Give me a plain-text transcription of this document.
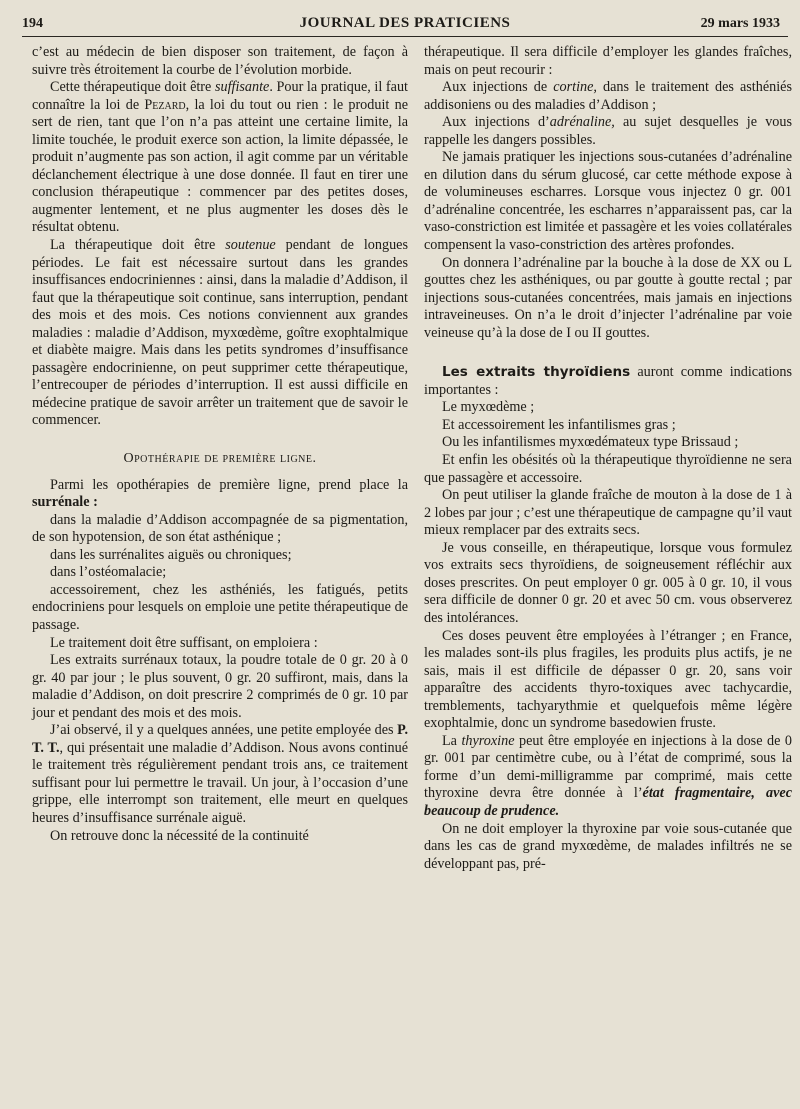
194	JOURNAL DES PRATICIENS	29 mars 1933

c’est au médecin de bien disposer son traitement, de façon à suivre très étroitement la courbe de l’évolution morbide.

Cette thérapeutique doit être suffisante. Pour la pratique, il faut connaître la loi de Pezard, la loi du tout ou rien : le produit ne sert de rien, tant que l’on n’a pas atteint une certaine limite, la limite touchée, le produit exerce son action, la limite dépassée, le produit n’augmente pas son action, il agit comme par un véritable déclanchement électrique à une dose donnée. Il faut en tirer une conclusion thérapeutique : commencer par des petites doses, augmenter lentement, et ne plus augmenter les doses dès le résultat obtenu.

La thérapeutique doit être soutenue pendant de longues périodes. Le fait est nécessaire surtout dans les grandes insuffisances endocriniennes : ainsi, dans la maladie d’Addison, il faut que la thérapeutique soit continue, sans interruption, pendant des mois et des mois. Ces notions conviennent aux grandes maladies : maladie d’Addison, myxœdème, goître exophtalmique et diabète maigre. Mais dans les petits syndromes d’insuffisance passagère endocrinienne, on peut supprimer cette thérapeutique, l’entrecouper de périodes d’interruption. Il est aussi difficile en médecine pratique de savoir arrêter un traitement que de savoir le commencer.

Opothérapie de première ligne.

Parmi les opothérapies de première ligne, prend place la surrénale :

dans la maladie d’Addison accompagnée de sa pigmentation, de son hypotension, de son état asthénique ;

dans les surrénalites aiguës ou chroniques;

dans l’ostéomalacie;

accessoirement, chez les asthéniés, les fatigués, petits endocriniens pour lesquels on emploie une petite thérapeutique de passage.

Le traitement doit être suffisant, on emploiera :

Les extraits surrénaux totaux, la poudre totale de 0 gr. 20 à 0 gr. 40 par jour ; le plus souvent, 0 gr. 20 suffiront, mais, dans la maladie d’Addison, on doit prescrire 2 comprimés de 0 gr. 10 par jour et pendant des mois et des mois.

J’ai observé, il y a quelques années, une petite employée des P. T. T., qui présentait une maladie d’Addison. Nous avons continué le traitement très régulièrement pendant trois ans, ce traitement suffisant pour lui permettre le travail. Un jour, à l’occasion d’une grippe, elle interrompt son traitement, elle meurt en quelques heures d’insuffisance surrénale aiguë.

On retrouve donc la nécessité de la continuité

thérapeutique. Il sera difficile d’employer les glandes fraîches, mais on peut recourir :

Aux injections de cortine, dans le traitement des asthéniés addisoniens ou des maladies d’Addison ;

Aux injections d’adrénaline, au sujet desquelles je vous rappelle les dangers possibles.

Ne jamais pratiquer les injections sous-cutanées d’adrénaline en dilution dans du sérum glucosé, car cette méthode expose à de volumineuses escharres. Lorsque vous injectez 0 gr. 001 d’adrénaline concentrée, les escharres n’apparaissent pas, car la vaso-constriction est limitée et passagère et les voies collatérales compensent la vaso-constriction des artères profondes.

On donnera l’adrénaline par la bouche à la dose de XX ou L gouttes chez les asthéniques, ou par goutte à goutte rectal ; par injections sous-cutanées concentrées, mais jamais en injections intraveineuses. On n’a le droit d’injecter l’adrénaline par voie veineuse qu’à la dose de I ou II gouttes.

Les extraits thyroïdiens auront comme indications importantes :

Le myxœdème ;

Et accessoirement les infantilismes gras ;

Ou les infantilismes myxœdémateux type Brissaud ;

Et enfin les obésités où la thérapeutique thyroïdienne ne sera que passagère et accessoire.

On peut utiliser la glande fraîche de mouton à la dose de 1 à 2 lobes par jour ; c’est une thérapeutique de campagne qu’il vaut mieux remplacer par des extraits secs.

Je vous conseille, en thérapeutique, lorsque vous formulez vos extraits secs thyroïdiens, de soigneusement réfléchir aux doses prescrites. On peut employer 0 gr. 005 à 0 gr. 10, il vous sera difficile de donner 0 gr. 20 et avec 50 cm. vous observerez des intolérances.

Ces doses peuvent être employées à l’étranger ; en France, les malades sont-ils plus fragiles, les produits plus actifs, je ne sais, mais il est difficile de dépasser 0 gr. 20, sans voir apparaître des accidents thyro-toxiques avec tachycardie, tremblements, tachyarythmie et quelquefois même légère exophtalmie, donc un syndrome basedowien fruste.

La thyroxine peut être employée en injections à la dose de 0 gr. 001 par centimètre cube, ou à l’état de comprimé, sous la forme d’un demi-milligramme par comprimé, mais cette thyroxine devra être donnée à l’état fragmentaire, avec beaucoup de prudence.

On ne doit employer la thyroxine par voie sous-cutanée que dans les cas de grand myxœdème, de malades infiltrés ne se développant pas, pré-
